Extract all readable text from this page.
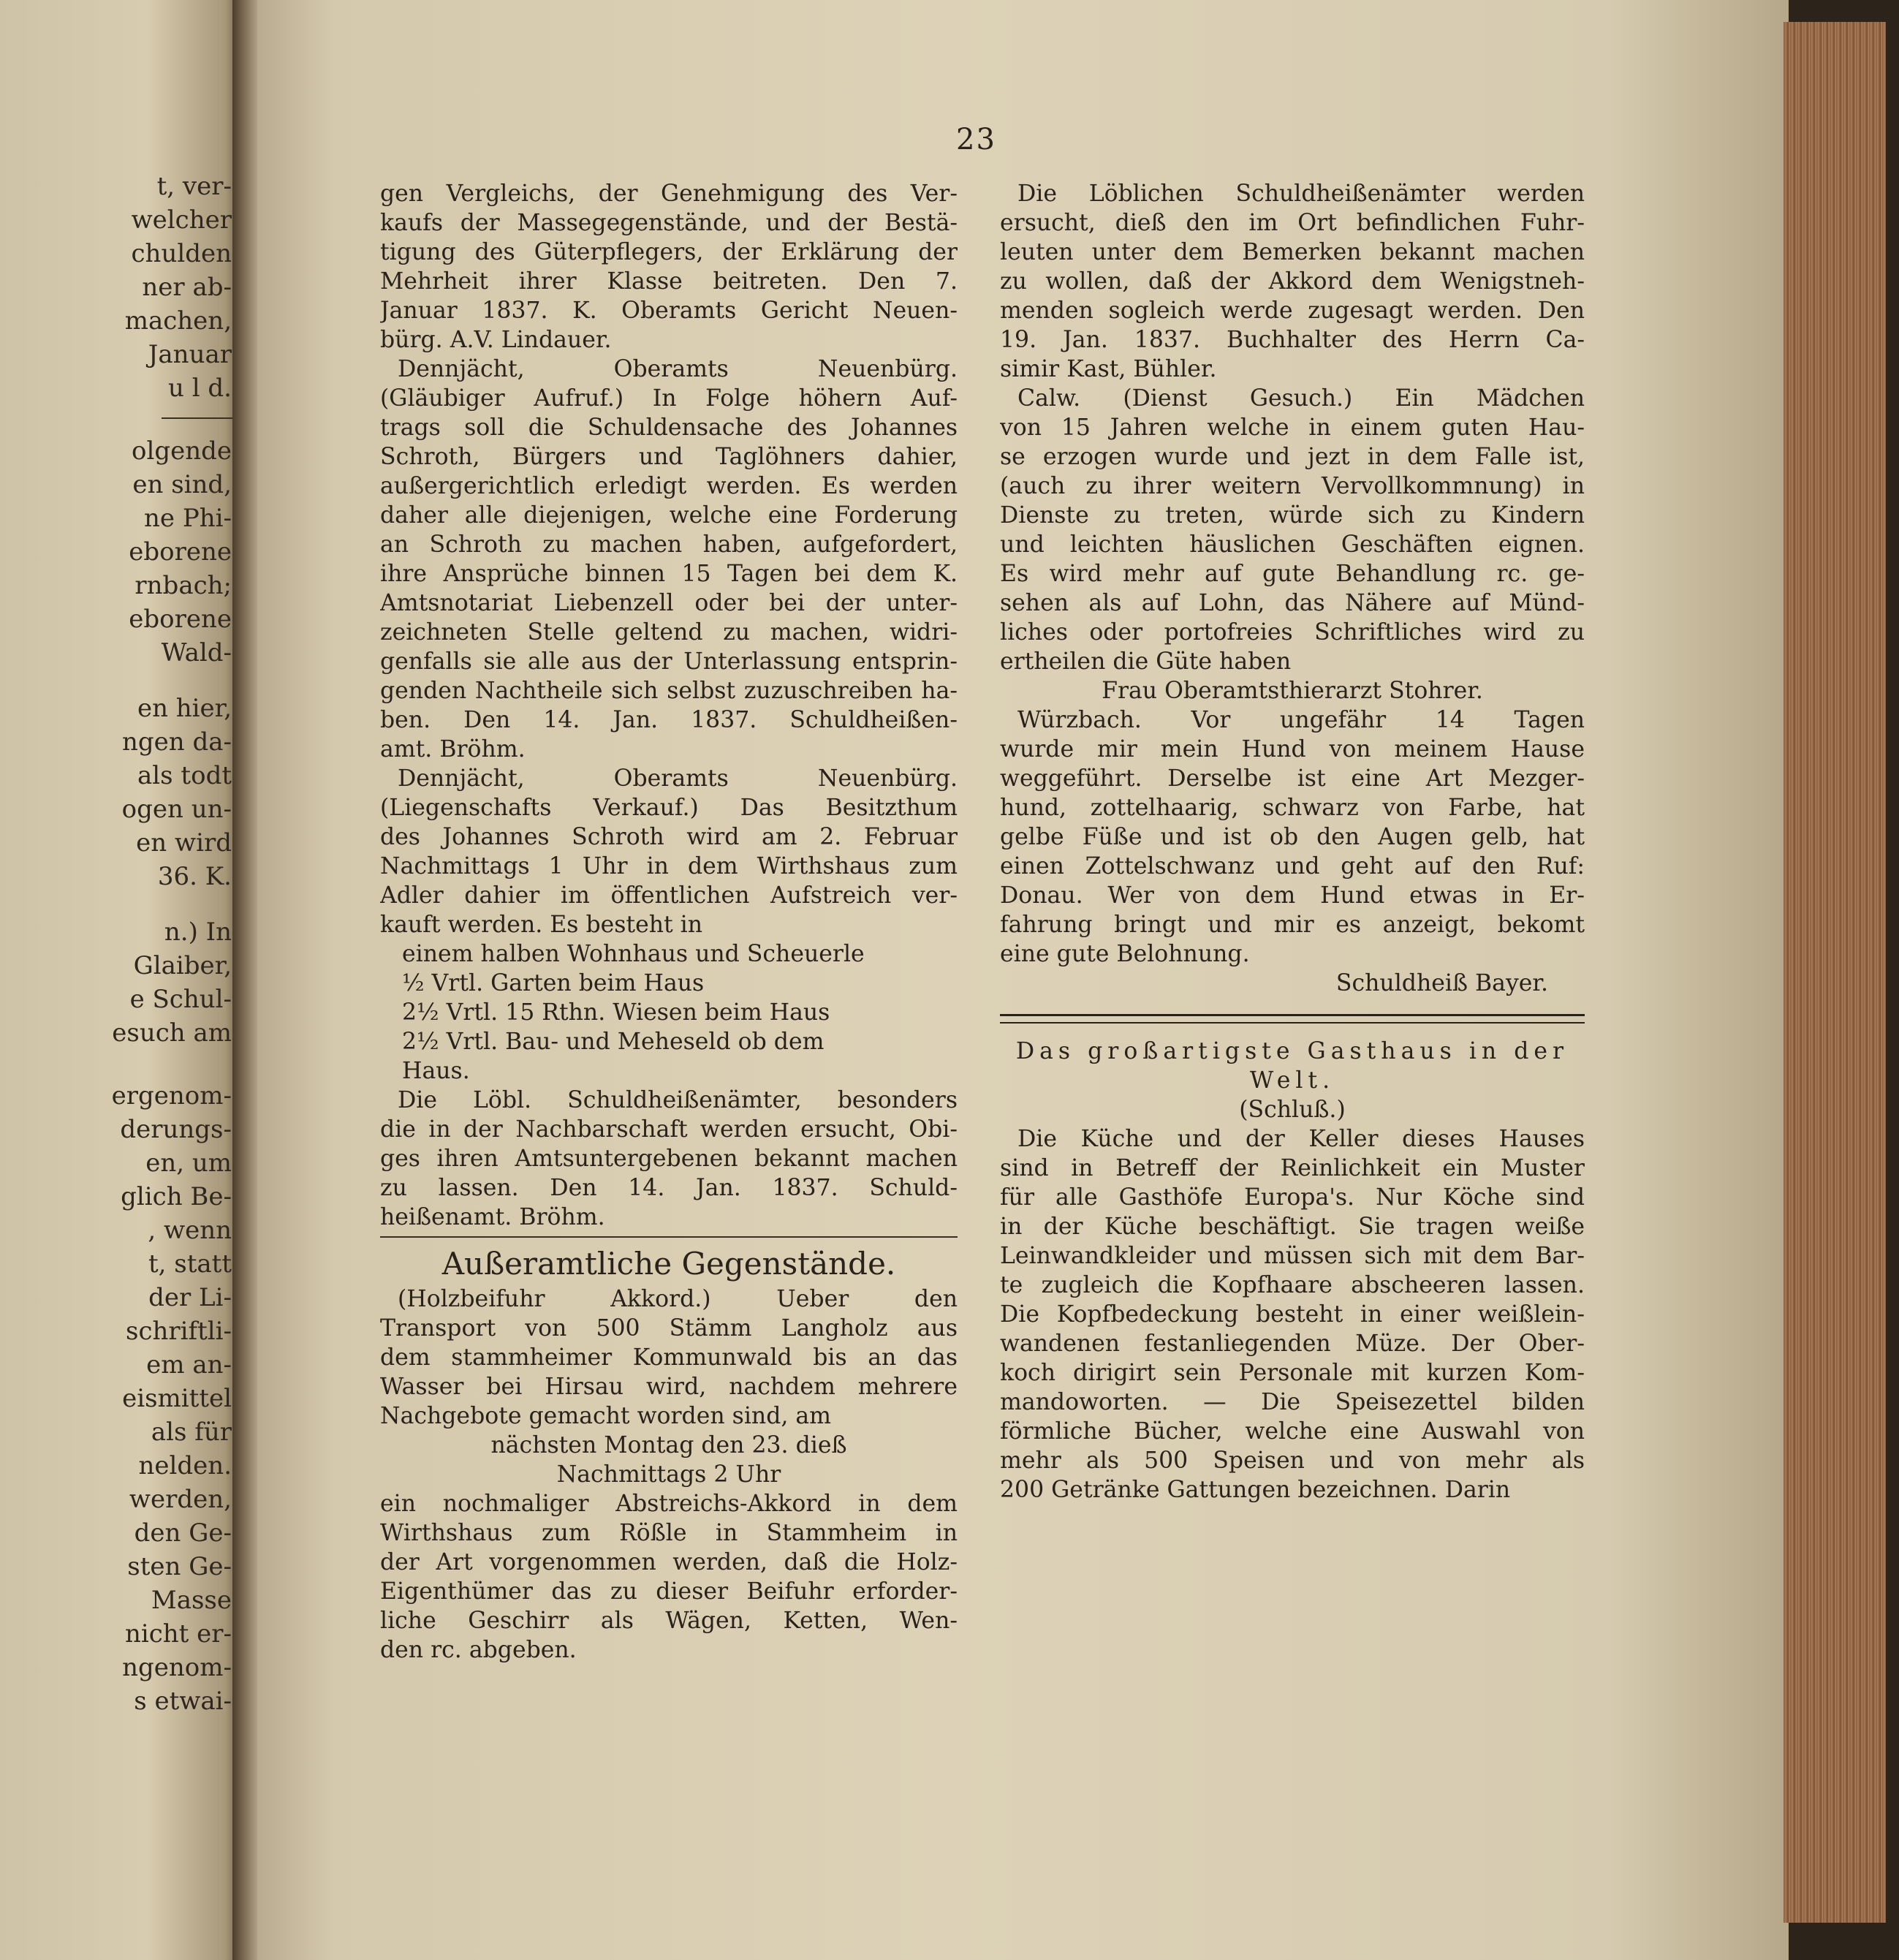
t, ver-
welcher
chulden
ner ab-
machen,
Januar
u l d.
olgende
en sind,
ne Phi-
eborene
rnbach;
eborene
Wald-
en hier,
ngen da-
als todt
ogen un-
en wird
36. K.
n.) In
Glaiber,
e Schul-
esuch am
ergenom-
derungs-
en, um
glich Be-
, wenn
t, statt
der Li-
schriftli-
em an-
eismittel
als für
nelden.
werden,
den Ge-
sten Ge-
Masse
nicht er-
ngenom-
s etwai-
23
gen Vergleichs, der Genehmigung des Ver-
kaufs der Massegegenstände, und der Bestä-
tigung des Güterpflegers, der Erklärung der
Mehrheit ihrer Klasse beitreten. Den 7.
Januar 1837. K. Oberamts Gericht Neuen-
bürg. A.V. Lindauer.
Dennjächt, Oberamts Neuenbürg.
(Gläubiger Aufruf.) In Folge höhern Auf-
trags soll die Schuldensache des Johannes
Schroth, Bürgers und Taglöhners dahier,
außergerichtlich erledigt werden. Es werden
daher alle diejenigen, welche eine Forderung
an Schroth zu machen haben, aufgefordert,
ihre Ansprüche binnen 15 Tagen bei dem K.
Amtsnotariat Liebenzell oder bei der unter-
zeichneten Stelle geltend zu machen, widri-
genfalls sie alle aus der Unterlassung entsprin-
genden Nachtheile sich selbst zuzuschreiben ha-
ben. Den 14. Jan. 1837. Schuldheißen-
amt. Bröhm.
Dennjächt, Oberamts Neuenbürg.
(Liegenschafts Verkauf.) Das Besitzthum
des Johannes Schroth wird am 2. Februar
Nachmittags 1 Uhr in dem Wirthshaus zum
Adler dahier im öffentlichen Aufstreich ver-
kauft werden. Es besteht in
einem halben Wohnhaus und Scheuerle
½ Vrtl. Garten beim Haus
2½ Vrtl. 15 Rthn. Wiesen beim Haus
2½ Vrtl. Bau- und Meheseld ob dem
Haus.
Die Löbl. Schuldheißenämter, besonders
die in der Nachbarschaft werden ersucht, Obi-
ges ihren Amtsuntergebenen bekannt machen
zu lassen. Den 14. Jan. 1837. Schuld-
heißenamt. Bröhm.
Außeramtliche Gegenstände.
(Holzbeifuhr Akkord.) Ueber den
Transport von 500 Stämm Langholz aus
dem stammheimer Kommunwald bis an das
Wasser bei Hirsau wird, nachdem mehrere
Nachgebote gemacht worden sind, am
nächsten Montag den 23. dieß
Nachmittags 2 Uhr
ein nochmaliger Abstreichs-Akkord in dem
Wirthshaus zum Rößle in Stammheim in
der Art vorgenommen werden, daß die Holz-
Eigenthümer das zu dieser Beifuhr erforder-
liche Geschirr als Wägen, Ketten, Wen-
den rc. abgeben.
Die Löblichen Schuldheißenämter werden
ersucht, dieß den im Ort befindlichen Fuhr-
leuten unter dem Bemerken bekannt machen
zu wollen, daß der Akkord dem Wenigstneh-
menden sogleich werde zugesagt werden. Den
19. Jan. 1837. Buchhalter des Herrn Ca-
simir Kast, Bühler.
Calw. (Dienst Gesuch.) Ein Mädchen
von 15 Jahren welche in einem guten Hau-
se erzogen wurde und jezt in dem Falle ist,
(auch zu ihrer weitern Vervollkommnung) in
Dienste zu treten, würde sich zu Kindern
und leichten häuslichen Geschäften eignen.
Es wird mehr auf gute Behandlung rc. ge-
sehen als auf Lohn, das Nähere auf Münd-
liches oder portofreies Schriftliches wird zu
ertheilen die Güte haben
Frau Oberamtsthierarzt Stohrer.
Würzbach. Vor ungefähr 14 Tagen
wurde mir mein Hund von meinem Hause
weggeführt. Derselbe ist eine Art Mezger-
hund, zottelhaarig, schwarz von Farbe, hat
gelbe Füße und ist ob den Augen gelb, hat
einen Zottelschwanz und geht auf den Ruf:
Donau. Wer von dem Hund etwas in Er-
fahrung bringt und mir es anzeigt, bekomt
eine gute Belohnung.
Schuldheiß Bayer.
Das großartigste Gasthaus in der
Welt.
(Schluß.)
Die Küche und der Keller dieses Hauses
sind in Betreff der Reinlichkeit ein Muster
für alle Gasthöfe Europa's. Nur Köche sind
in der Küche beschäftigt. Sie tragen weiße
Leinwandkleider und müssen sich mit dem Bar-
te zugleich die Kopfhaare abscheeren lassen.
Die Kopfbedeckung besteht in einer weißlein-
wandenen festanliegenden Müze. Der Ober-
koch dirigirt sein Personale mit kurzen Kom-
mandoworten. — Die Speisezettel bilden
förmliche Bücher, welche eine Auswahl von
mehr als 500 Speisen und von mehr als
200 Getränke Gattungen bezeichnen. Darin
